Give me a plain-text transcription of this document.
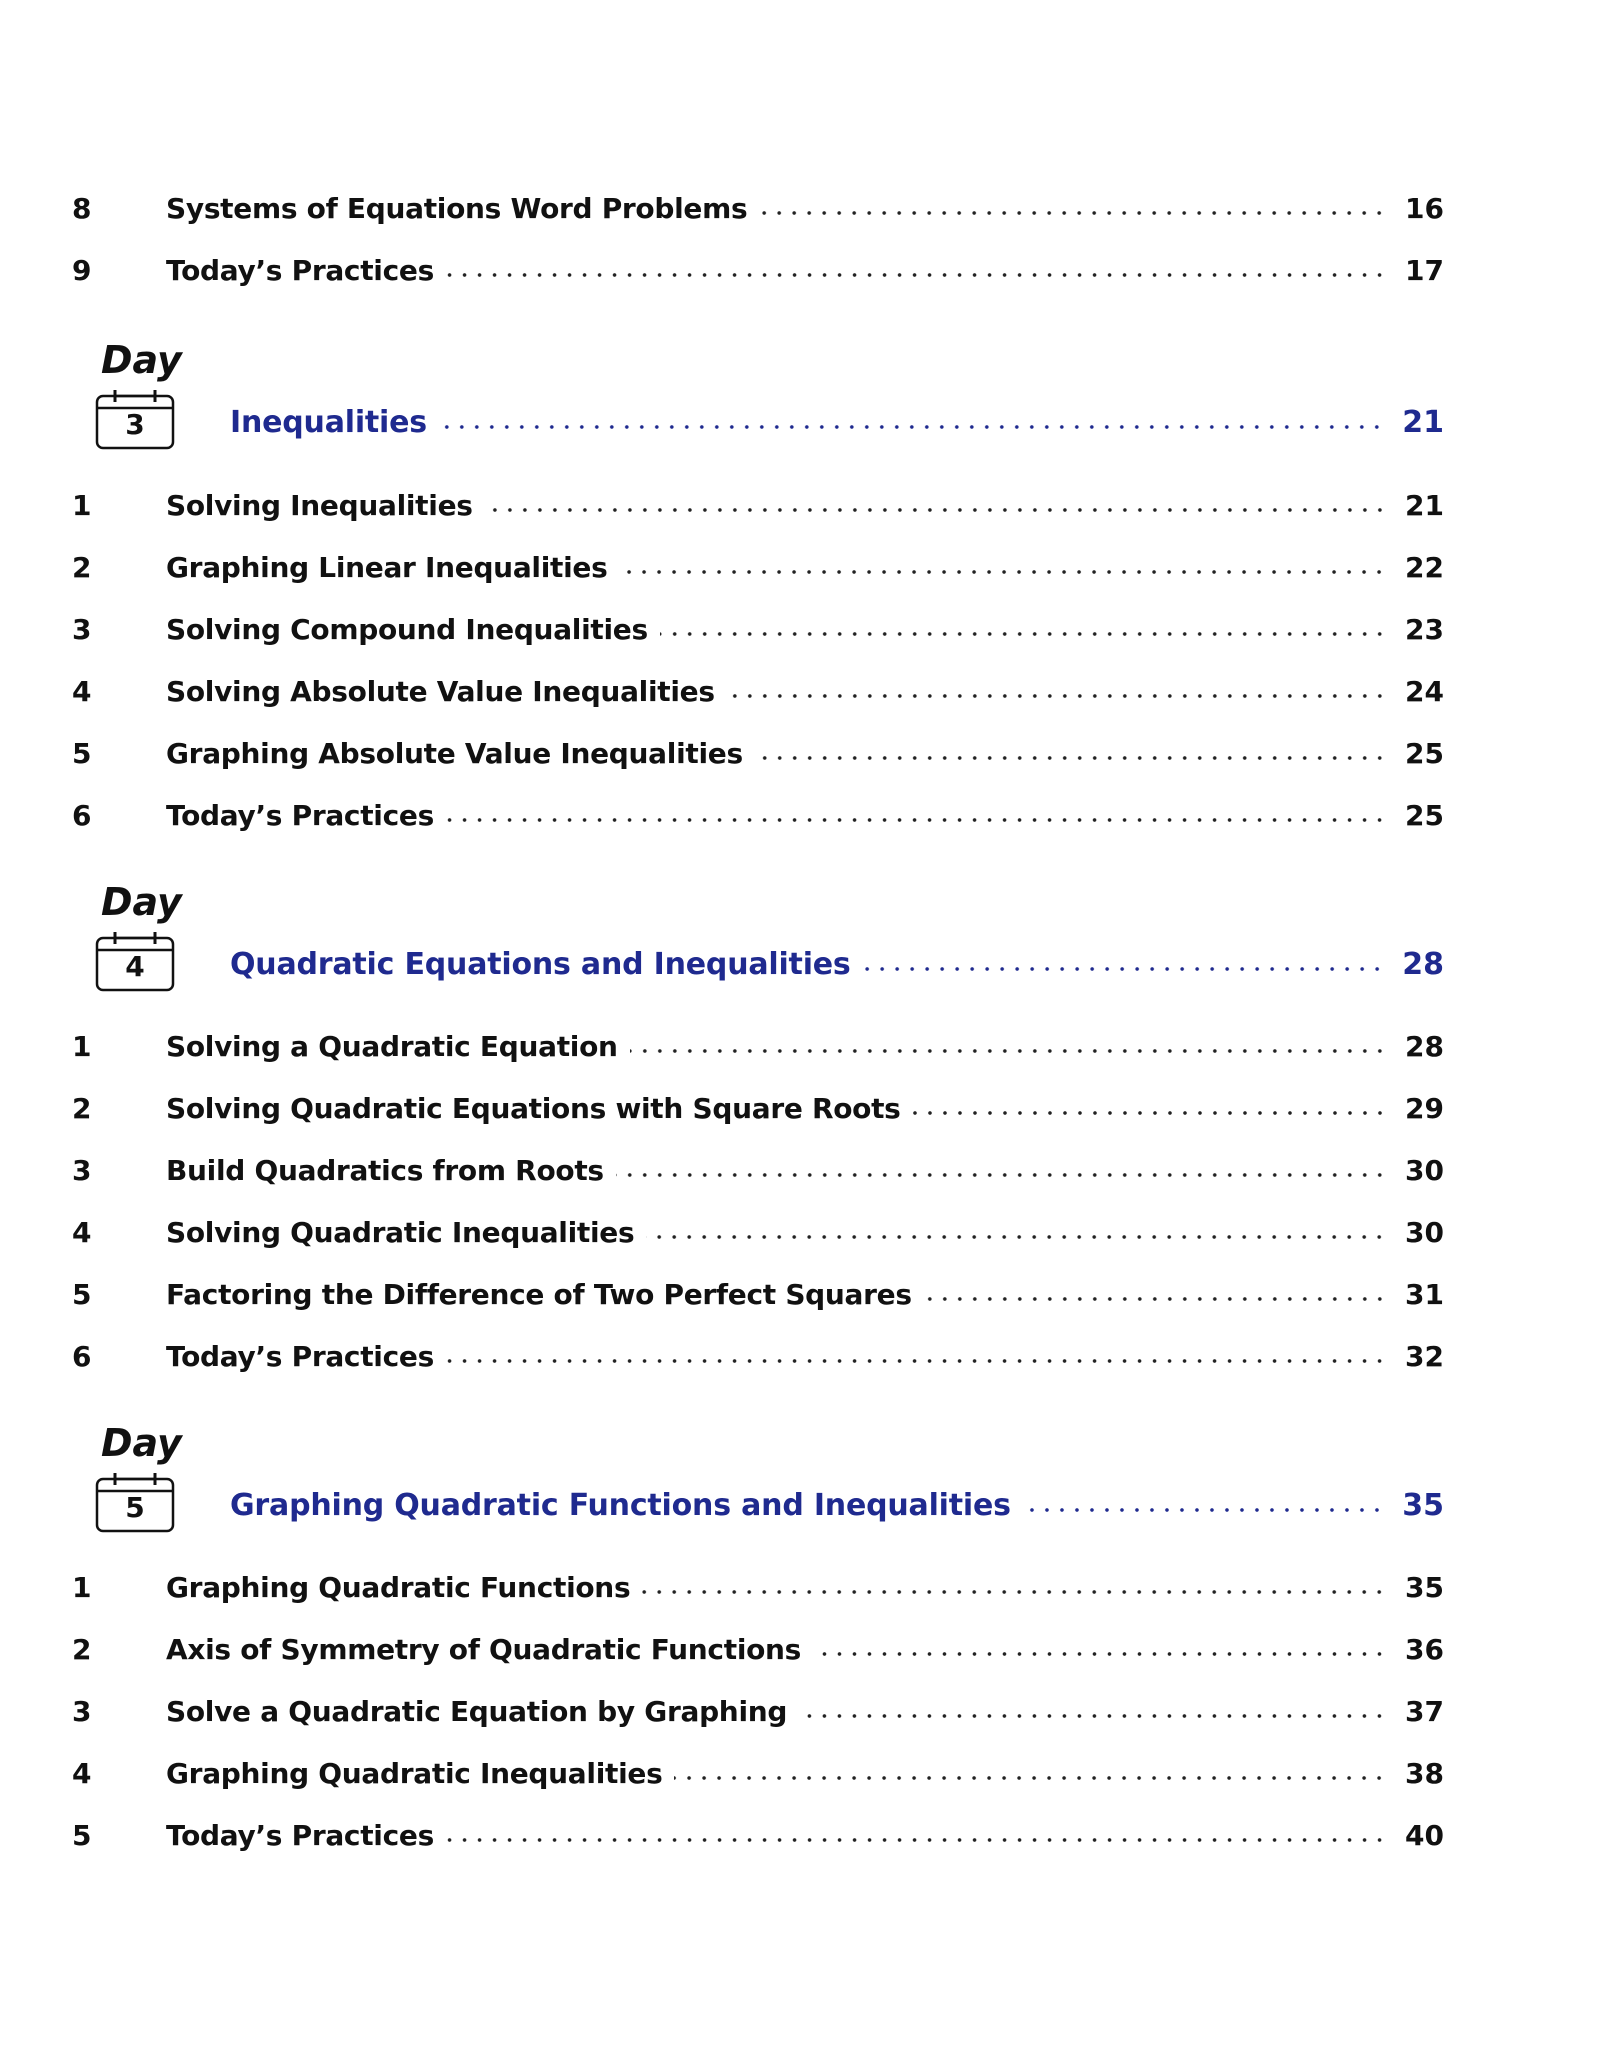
8	Systems of Equations Word Problems	16
9	Today’s Practices	17
Day
3	Inequalities	21
1	Solving Inequalities	21
2	Graphing Linear Inequalities	22
3	Solving Compound Inequalities	23
4	Solving Absolute Value Inequalities	24
5	Graphing Absolute Value Inequalities	25
6	Today’s Practices	25
Day
4	Quadratic Equations and Inequalities	28
1	Solving a Quadratic Equation	28
2	Solving Quadratic Equations with Square Roots	29
3	Build Quadratics from Roots	30
4	Solving Quadratic Inequalities	30
5	Factoring the Difference of Two Perfect Squares	31
6	Today’s Practices	32
Day
5	Graphing Quadratic Functions and Inequalities	35
1	Graphing Quadratic Functions	35
2	Axis of Symmetry of Quadratic Functions	36
3	Solve a Quadratic Equation by Graphing	37
4	Graphing Quadratic Inequalities	38
5	Today’s Practices	40
